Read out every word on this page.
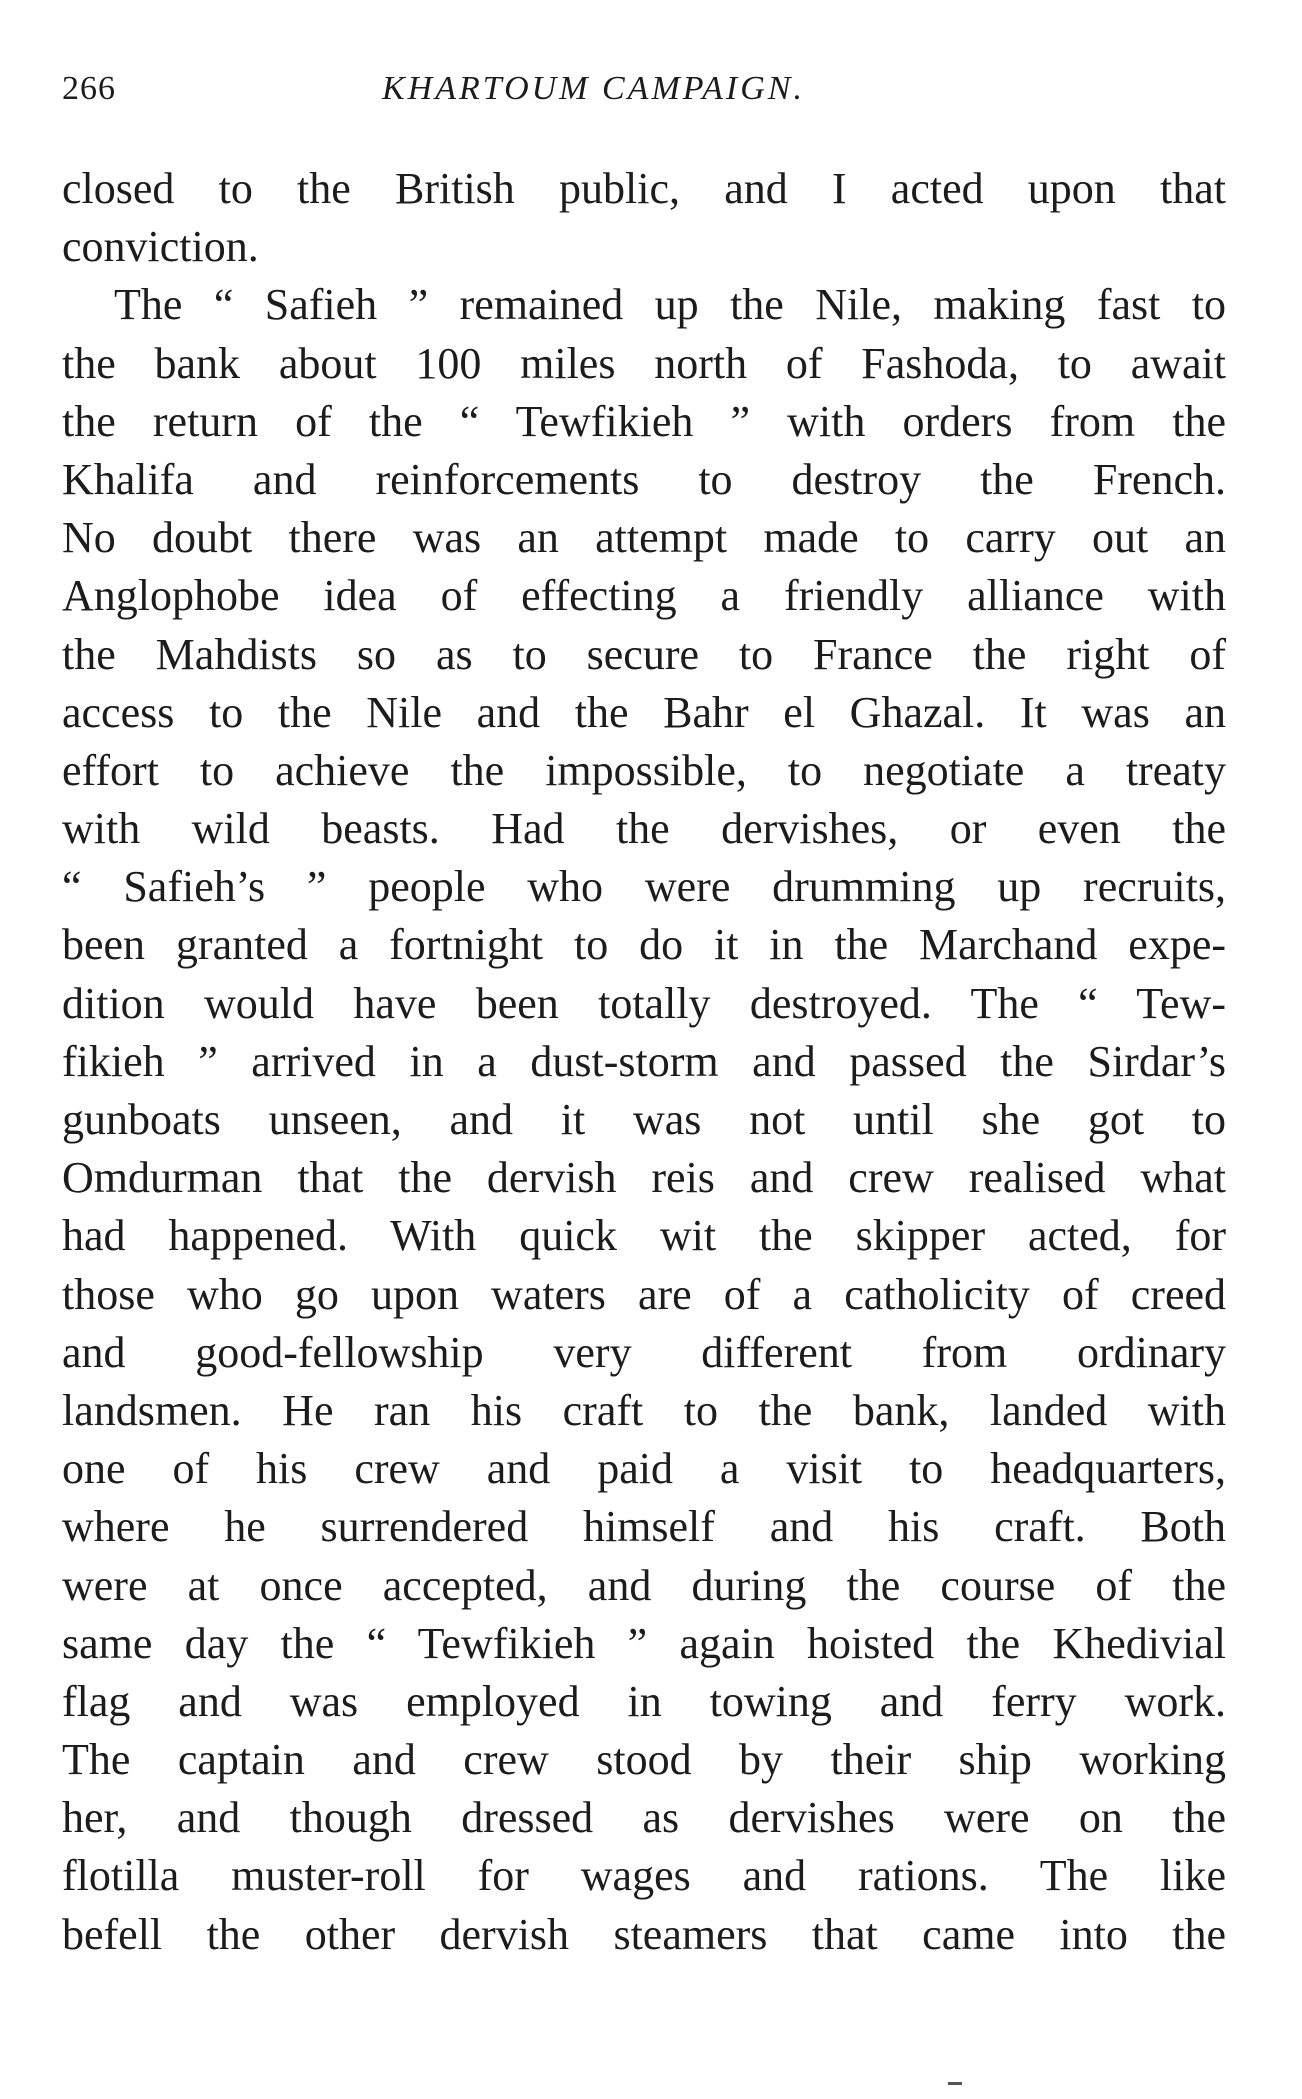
266	KHARTOUM CAMPAIGN.
closed to the British public, and I acted upon that
conviction.
The “ Safieh ” remained up the Nile, making fast to
the bank about 100 miles north of Fashoda, to await
the return of the “ Tewfikieh ” with orders from the
Khalifa and reinforcements to destroy the French.
No doubt there was an attempt made to carry out an
Anglophobe idea of effecting a friendly alliance with
the Mahdists so as to secure to France the right of
access to the Nile and the Bahr el Ghazal. It was an
effort to achieve the impossible, to negotiate a treaty
with wild beasts. Had the dervishes, or even the
“ Safieh’s ” people who were drumming up recruits,
been granted a fortnight to do it in the Marchand expe-
dition would have been totally destroyed. The “ Tew-
fikieh ” arrived in a dust-storm and passed the Sirdar’s
gunboats unseen, and it was not until she got to
Omdurman that the dervish reis and crew realised what
had happened. With quick wit the skipper acted, for
those who go upon waters are of a catholicity of creed
and good-fellowship very different from ordinary
landsmen. He ran his craft to the bank, landed with
one of his crew and paid a visit to headquarters,
where he surrendered himself and his craft. Both
were at once accepted, and during the course of the
same day the “ Tewfikieh ” again hoisted the Khedivial
flag and was employed in towing and ferry work.
The captain and crew stood by their ship working
her, and though dressed as dervishes were on the
flotilla muster-roll for wages and rations. The like
befell the other dervish steamers that came into the
